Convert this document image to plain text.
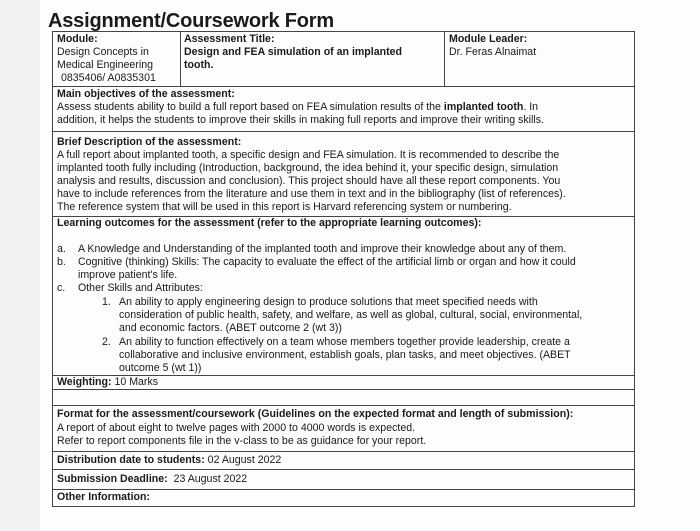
Assignment/Coursework Form
Module:
Design Concepts in
Medical Engineering
0835406/ A0835301
Assessment Title:
Design and FEA simulation of an implanted
tooth.
Module Leader:
Dr. Feras Alnaimat
Main objectives of the assessment:
Assess students ability to build a full report based on FEA simulation results of the implanted tooth. In
addition, it helps the students to improve their skills in making full reports and improve their writing skills.
Brief Description of the assessment:
A full report about implanted tooth, a specific design and FEA simulation. It is recommended to describe the
implanted tooth fully including (Introduction, background, the idea behind it, your specific design, simulation
analysis and results, discussion and conclusion). This project should have all these report components. You
have to include references from the literature and use them in text and in the bibliography (list of references).
The reference system that will be used in this report is Harvard referencing system or numbering.
Learning outcomes for the assessment (refer to the appropriate learning outcomes):
a. A Knowledge and Understanding of the implanted tooth and improve their knowledge about any of them.
b. Cognitive (thinking) Skills: The capacity to evaluate the effect of the artificial limb or organ and how it could
improve patient's life.
c. Other Skills and Attributes:
1. An ability to apply engineering design to produce solutions that meet specified needs with
consideration of public health, safety, and welfare, as well as global, cultural, social, environmental,
and economic factors. (ABET outcome 2 (wt 3))
2. An ability to function effectively on a team whose members together provide leadership, create a
collaborative and inclusive environment, establish goals, plan tasks, and meet objectives. (ABET
outcome 5 (wt 1))
Weighting: 10 Marks
Format for the assessment/coursework (Guidelines on the expected format and length of submission):
A report of about eight to twelve pages with 2000 to 4000 words is expected.
Refer to report components file in the v-class to be as guidance for your report.
Distribution date to students: 02 August 2022
Submission Deadline: 23 August 2022
Other Information:
